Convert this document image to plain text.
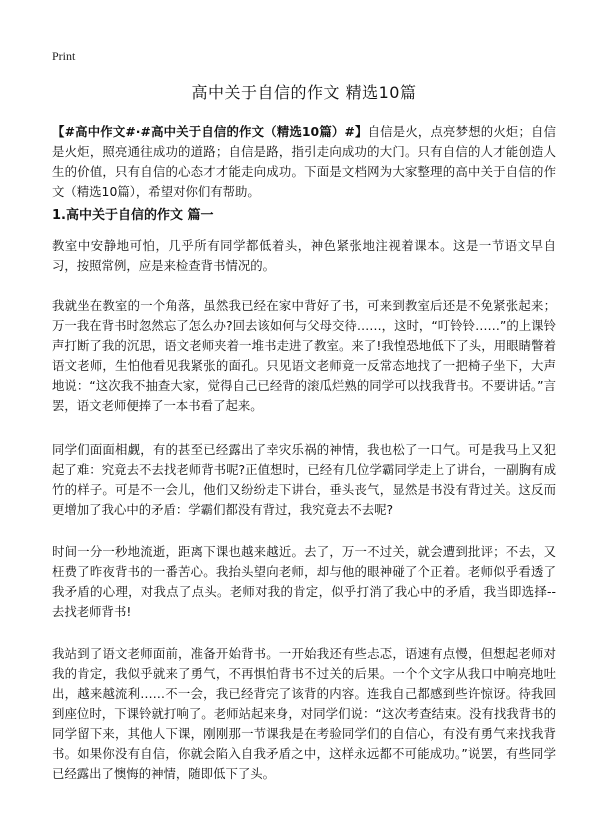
Print
高中关于自信的作文 精选10篇
【#高中作文#·#高中关于自信的作文（精选10篇）#】自信是火，点亮梦想的火炬；自信是火炬，照亮通往成功的道路；自信是路，指引走向成功的大门。只有自信的人才能创造人生的价值，只有自信的心态才才能走向成功。下面是文档网为大家整理的高中关于自信的作文（精选10篇），希望对你们有帮助。
1.高中关于自信的作文 篇一

教室中安静地可怕，几乎所有同学都低着头，神色紧张地注视着课本。这是一节语文早自习，按照常例，应是来检查背书情况的。

我就坐在教室的一个角落，虽然我已经在家中背好了书，可来到教室后还是不免紧张起来；万一我在背书时忽然忘了怎么办?回去该如何与父母交待……，这时，“叮铃铃……”的上课铃声打断了我的沉思，语文老师夹着一堆书走进了教室。来了!我惶恐地低下了头，用眼睛瞥着语文老师，生怕他看见我紧张的面孔。只见语文老师竟一反常态地找了一把椅子坐下，大声地说：“这次我不抽查大家，觉得自己已经背的滚瓜烂熟的同学可以找我背书。不要讲话。”言罢，语文老师便捧了一本书看了起来。

同学们面面相觑，有的甚至已经露出了幸灾乐祸的神情，我也松了一口气。可是我马上又犯起了难：究竟去不去找老师背书呢?正值想时，已经有几位学霸同学走上了讲台，一副胸有成竹的样子。可是不一会儿，他们又纷纷走下讲台，垂头丧气，显然是书没有背过关。这反而更增加了我心中的矛盾：学霸们都没有背过，我究竟去不去呢?

时间一分一秒地流逝，距离下课也越来越近。去了，万一不过关，就会遭到批评；不去，又枉费了昨夜背书的一番苦心。我抬头望向老师，却与他的眼神碰了个正着。老师似乎看透了我矛盾的心理，对我点了点头。老师对我的肯定，似乎打消了我心中的矛盾，我当即选择--去找老师背书!

我站到了语文老师面前，准备开始背书。一开始我还有些忐忑，语速有点慢，但想起老师对我的肯定，我似乎就来了勇气，不再惧怕背书不过关的后果。一个个文字从我口中响亮地吐出，越来越流利……不一会，我已经背完了该背的内容。连我自己都感到些许惊讶。待我回到座位时，下课铃就打响了。老师站起来身，对同学们说：“这次考查结束。没有找我背书的同学留下来，其他人下课，刚刚那一节课我是在考验同学们的自信心，有没有勇气来找我背书。如果你没有自信，你就会陷入自我矛盾之中，这样永远都不可能成功。”说罢，有些同学已经露出了懊悔的神情，随即低下了头。
